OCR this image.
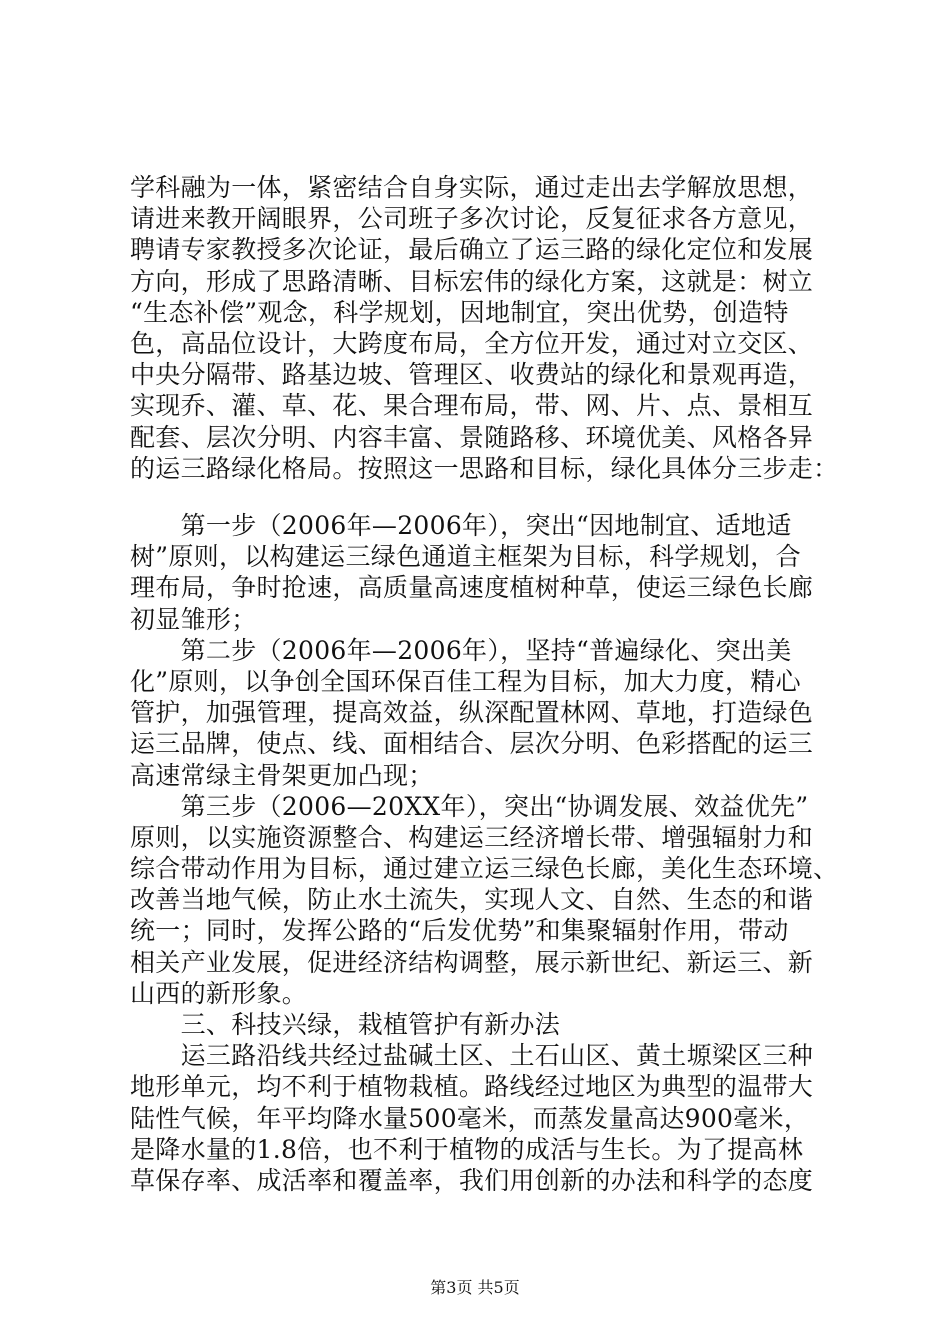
学科融为一体，紧密结合自身实际，通过走出去学解放思想，
请进来教开阔眼界，公司班子多次讨论，反复征求各方意见，
聘请专家教授多次论证，最后确立了运三路的绿化定位和发展
方向，形成了思路清晰、目标宏伟的绿化方案，这就是：树立
“生态补偿”观念，科学规划，因地制宜，突出优势，创造特
色，高品位设计，大跨度布局，全方位开发，通过对立交区、
中央分隔带、路基边坡、管理区、收费站的绿化和景观再造，
实现乔、灌、草、花、果合理布局，带、网、片、点、景相互
配套、层次分明、内容丰富、景随路移、环境优美、风格各异
的运三路绿化格局。按照这一思路和目标，绿化具体分三步走：
　　第一步（2006年—2006年），突出“因地制宜、适地适
树”原则，以构建运三绿色通道主框架为目标，科学规划，合
理布局，争时抢速，高质量高速度植树种草，使运三绿色长廊
初显雏形；
　　第二步（2006年—2006年），坚持“普遍绿化、突出美
化”原则，以争创全国环保百佳工程为目标，加大力度，精心
管护，加强管理，提高效益，纵深配置林网、草地，打造绿色
运三品牌，使点、线、面相结合、层次分明、色彩搭配的运三
高速常绿主骨架更加凸现；
　　第三步（2006—20XX年），突出“协调发展、效益优先”
原则，以实施资源整合、构建运三经济增长带、增强辐射力和
综合带动作用为目标，通过建立运三绿色长廊，美化生态环境、
改善当地气候，防止水土流失，实现人文、自然、生态的和谐
统一；同时，发挥公路的“后发优势”和集聚辐射作用，带动
相关产业发展，促进经济结构调整，展示新世纪、新运三、新
山西的新形象。
　　三、科技兴绿，栽植管护有新办法
　　运三路沿线共经过盐碱土区、土石山区、黄土塬梁区三种
地形单元，均不利于植物栽植。路线经过地区为典型的温带大
陆性气候，年平均降水量500毫米，而蒸发量高达900毫米，
是降水量的1.8倍，也不利于植物的成活与生长。为了提高林
草保存率、成活率和覆盖率，我们用创新的办法和科学的态度
第3页 共5页
